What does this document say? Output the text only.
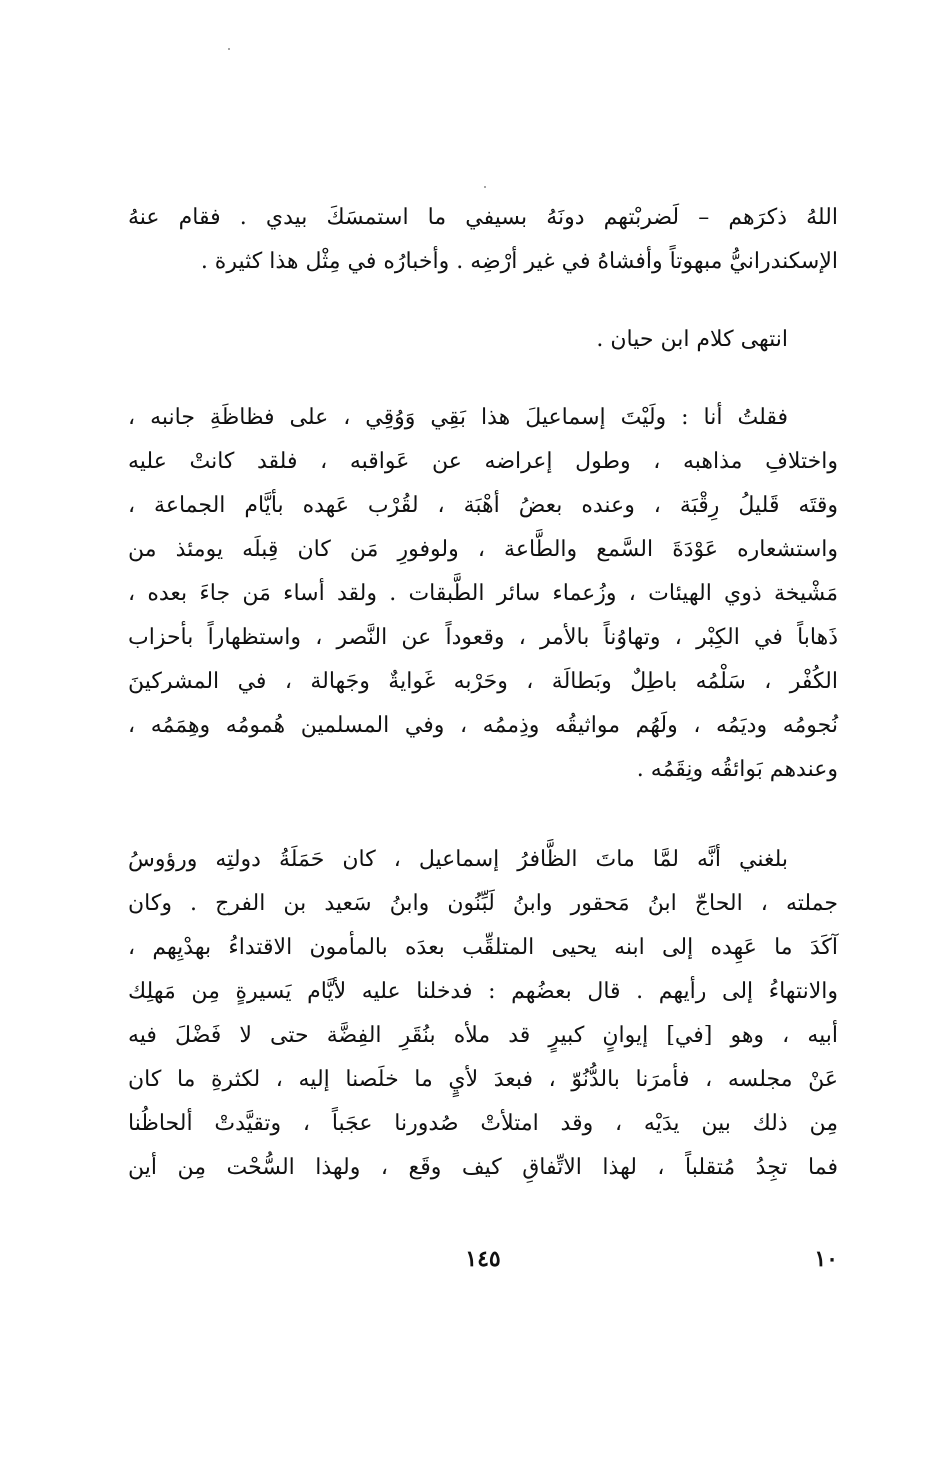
اللهُ ذكرَهم – لَضربْتهم دونَهُ بسيفي ما استمسَكَ بيدي . فقام عنهُ
الإسكندرانيُّ مبهوتاً وأفشاهُ في غير أرْضِه . وأخبارُه في مِثْل هذا كثيرة .
انتهى كلام ابن حيان .
فقلتُ أنا : ولَيْتَ إسماعيلَ هذا بَقِي وَوُقِي ، على فظاظَةِ جانبه ،
واختلافِ مذاهبه ، وطول إعراضه عن عَواقبه ، فلقد كانتْ عليه
وقتَه قَليلُ رِقْبَة ، وعنده بعضُ أهْبَة ، لقُرْب عَهده بأيَّام الجماعة ،
واستشعاره عَوْدَةَ السَّمع والطَّاعة ، ولوفورِ مَن كان قِبلَه يومئذ من
مَشْيخة ذوي الهيئات ، وزُعماء سائر الطَّبقات . ولقد أساء مَن جاءَ بعده ،
ذَهاباً في الكِبْر ، وتهاوُناً بالأمر ، وقعوداً عن النَّصر ، واستظهاراً بأحزاب
الكُفْر ، سَلْمُه باطِلٌ وبَطالَة ، وحَرْبه غَوايةٌ وجَهالة ، في المشركينَ
نُجومُه وديَمُه ، ولَهُم مواثيقُه وذِممُه ، وفي المسلمين هُمومُه وهِمَمُه ،
وعندهم بَوائقُه ونِقَمُه .
بلغني أنَّه لمَّا ماتَ الظَّافرُ إسماعيل ، كان حَمَلَةُ دولتِه ورؤوسُ
جملته ، الحاجّ ابنُ مَحقور وابنُ لَبِّنُون وابنُ سَعيد بن الفرج . وكان
آكَدَ ما عَهِده إلى ابنه يحيى المتلقِّب بعدَه بالمأمون الاقتداءُ بهدْيِهم ،
والانتهاءُ إلى رأيهم . قال بعضُهم : فدخلنا عليه لأيَّام يَسيرةٍ مِن مَهلِك
أبيه ، وهو [في] إيوانٍ كبيرٍ قد ملأه بنُقَرِ الفِضَّة حتى لا فَضْلَ فيه
عَنْ مجلسه ، فأمرَنا بالدُّنُوّ ، فبعدَ لأيٍ ما خلَصنا إليه ، لكثرةِ ما كان
مِن ذلك بين يدَيْه ، وقد امتلأتْ صُدورنا عجَباً ، وتقيَّدتْ ألحاظُنا
فما تجِدُ مُتقلباً ، لهذا الاتِّفاقِ كيف وقَع ، ولهذا السُّحْت مِن أين
١٠
١٤٥
